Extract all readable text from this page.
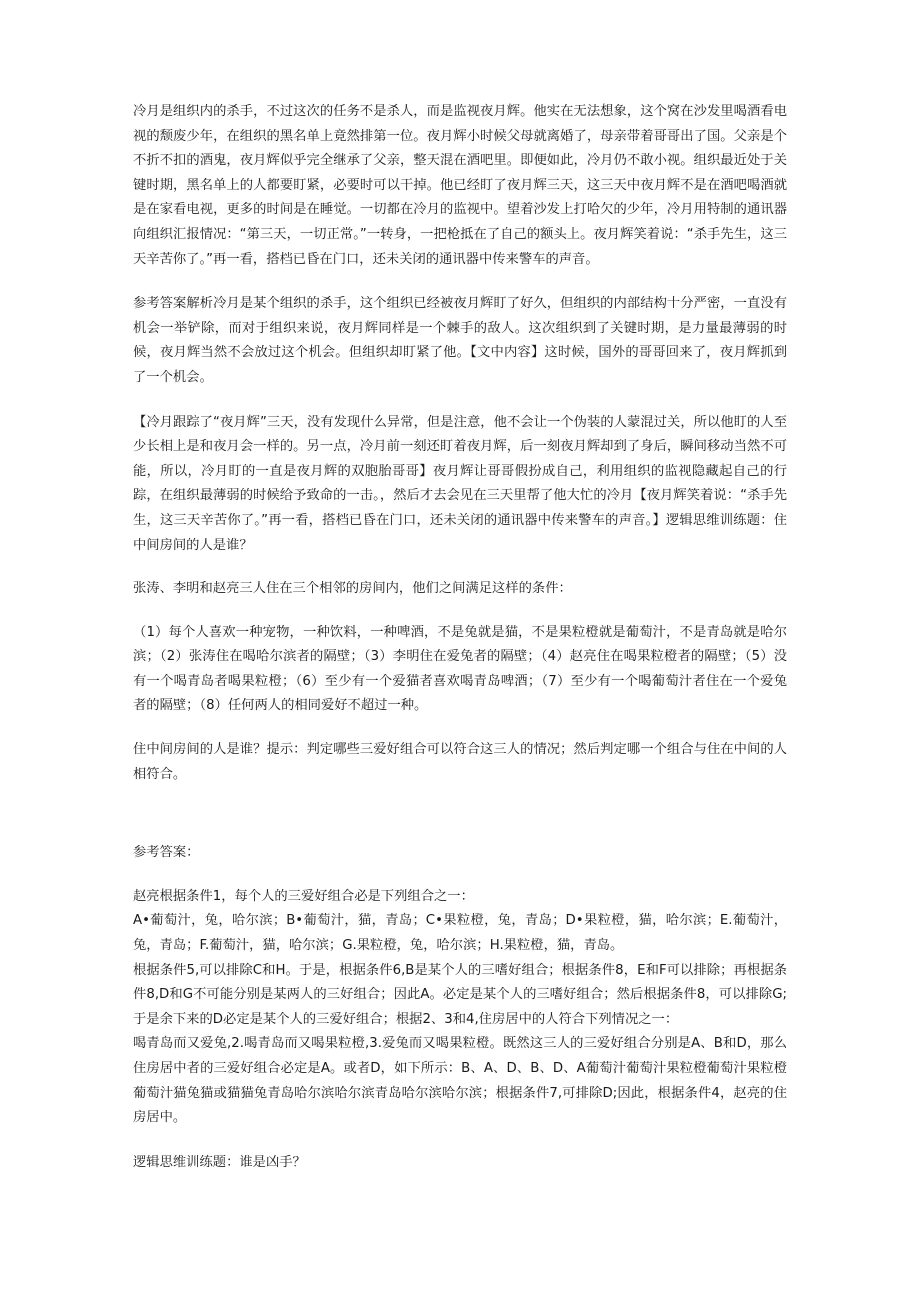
冷月是组织内的杀手，不过这次的任务不是杀人，而是监视夜月辉。他实在无法想象，这个窝在沙发里喝酒看电视的颓废少年，在组织的黑名单上竟然排第一位。夜月辉小时候父母就离婚了，母亲带着哥哥出了国。父亲是个不折不扣的酒鬼，夜月辉似乎完全继承了父亲，整天混在酒吧里。即便如此，冷月仍不敢小视。组织最近处于关键时期，黑名单上的人都要盯紧，必要时可以干掉。他已经盯了夜月辉三天，这三天中夜月辉不是在酒吧喝酒就是在家看电视，更多的时间是在睡觉。一切都在冷月的监视中。望着沙发上打哈欠的少年，冷月用特制的通讯器向组织汇报情况：“第三天，一切正常。”一转身，一把枪抵在了自己的额头上。夜月辉笑着说：“杀手先生，这三天辛苦你了。”再一看，搭档已昏在门口，还未关闭的通讯器中传来警车的声音。

参考答案解析冷月是某个组织的杀手，这个组织已经被夜月辉盯了好久，但组织的内部结构十分严密，一直没有机会一举铲除，而对于组织来说，夜月辉同样是一个棘手的敌人。这次组织到了关键时期，是力量最薄弱的时候，夜月辉当然不会放过这个机会。但组织却盯紧了他。【文中内容】这时候，国外的哥哥回来了，夜月辉抓到了一个机会。

【冷月跟踪了“夜月辉”三天，没有发现什么异常，但是注意，他不会让一个伪装的人蒙混过关，所以他盯的人至少长相上是和夜月会一样的。另一点，冷月前一刻还盯着夜月辉，后一刻夜月辉却到了身后，瞬间移动当然不可能，所以，冷月盯的一直是夜月辉的双胞胎哥哥】夜月辉让哥哥假扮成自己，利用组织的监视隐藏起自己的行踪，在组织最薄弱的时候给予致命的一击。，然后才去会见在三天里帮了他大忙的冷月【夜月辉笑着说：“杀手先生，这三天辛苦你了。”再一看，搭档已昏在门口，还未关闭的通讯器中传来警车的声音。】逻辑思维训练题：住中间房间的人是谁？

张涛、李明和赵亮三人住在三个相邻的房间内，他们之间满足这样的条件：

（1）每个人喜欢一种宠物，一种饮料，一种啤酒，不是兔就是猫，不是果粒橙就是葡萄汁，不是青岛就是哈尔滨；（2）张涛住在喝哈尔滨者的隔壁；（3）李明住在爱兔者的隔壁；（4）赵亮住在喝果粒橙者的隔壁；（5）没有一个喝青岛者喝果粒橙；（6）至少有一个爱猫者喜欢喝青岛啤酒；（7）至少有一个喝葡萄汁者住在一个爱兔者的隔壁；（8）任何两人的相同爱好不超过一种。

住中间房间的人是谁？提示：判定哪些三爱好组合可以符合这三人的情况；然后判定哪一个组合与住在中间的人相符合。

参考答案：

赵亮根据条件1，每个人的三爱好组合必是下列组合之一：

A•葡萄汁，兔，哈尔滨；B•葡萄汁，猫，青岛；C•果粒橙，兔，青岛；D•果粒橙，猫，哈尔滨；E.葡萄汁，兔，青岛；F.葡萄汁，猫，哈尔滨；G.果粒橙，兔，哈尔滨；H.果粒橙，猫，青岛。

根据条件5,可以排除C和H。于是，根据条件6,B是某个人的三嗜好组合；根据条件8，E和F可以排除；再根据条件8,D和G不可能分别是某两人的三好组合；因此A。必定是某个人的三嗜好组合；然后根据条件8，可以排除G;于是余下来的D必定是某个人的三爱好组合；根据2、3和4,住房居中的人符合下列情况之一：

喝青岛而又爱兔,2.喝青岛而又喝果粒橙,3.爱兔而又喝果粒橙。既然这三人的三爱好组合分别是A、B和D，那么住房居中者的三爱好组合必定是A。或者D，如下所示：B、A、D、B、D、A葡萄汁葡萄汁果粒橙葡萄汁果粒橙葡萄汁猫兔猫或猫猫兔青岛哈尔滨哈尔滨青岛哈尔滨哈尔滨；根据条件7,可排除D;因此，根据条件4，赵亮的住房居中。

逻辑思维训练题：谁是凶手？
